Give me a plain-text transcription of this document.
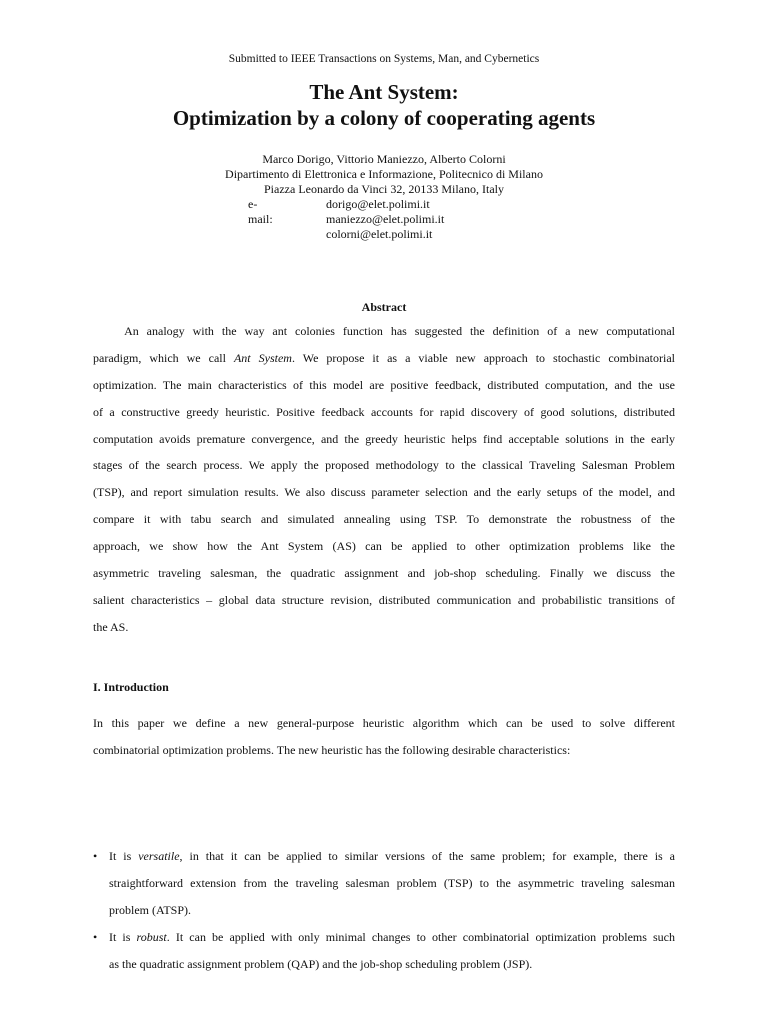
Submitted to IEEE Transactions on Systems, Man, and Cybernetics
The Ant System:
Optimization by a colony of cooperating agents
Marco Dorigo, Vittorio Maniezzo, Alberto Colorni
Dipartimento di Elettronica e Informazione, Politecnico di Milano
Piazza Leonardo da Vinci 32, 20133 Milano, Italy
e-mail:
dorigo@elet.polimi.it
maniezzo@elet.polimi.it
colorni@elet.polimi.it
Abstract
An analogy with the way ant colonies function has suggested the definition of a new computational
paradigm, which we call Ant System. We propose it as a viable new approach to stochastic combinatorial
optimization. The main characteristics of this model are positive feedback, distributed computation, and the use
of a constructive greedy heuristic. Positive feedback accounts for rapid discovery of good solutions, distributed
computation avoids premature convergence, and the greedy heuristic helps find acceptable solutions in the early
stages of the search process. We apply the proposed methodology to the classical Traveling Salesman Problem
(TSP), and report simulation results. We also discuss parameter selection and the early setups of the model, and
compare it with tabu search and simulated annealing using TSP. To demonstrate the robustness of the
approach, we show how the Ant System (AS) can be applied to other optimization problems like the
asymmetric traveling salesman, the quadratic assignment and job-shop scheduling. Finally we discuss the
salient characteristics – global data structure revision, distributed communication and probabilistic transitions of
the AS.
I. Introduction
In this paper we define a new general-purpose heuristic algorithm which can be used to solve different
combinatorial optimization problems. The new heuristic has the following desirable characteristics:
• It is versatile, in that it can be applied to similar versions of the same problem; for example, there is a
straightforward extension from the traveling salesman problem (TSP) to the asymmetric traveling salesman
problem (ATSP).
• It is robust. It can be applied with only minimal changes to other combinatorial optimization problems such
as the quadratic assignment problem (QAP) and the job-shop scheduling problem (JSP).
